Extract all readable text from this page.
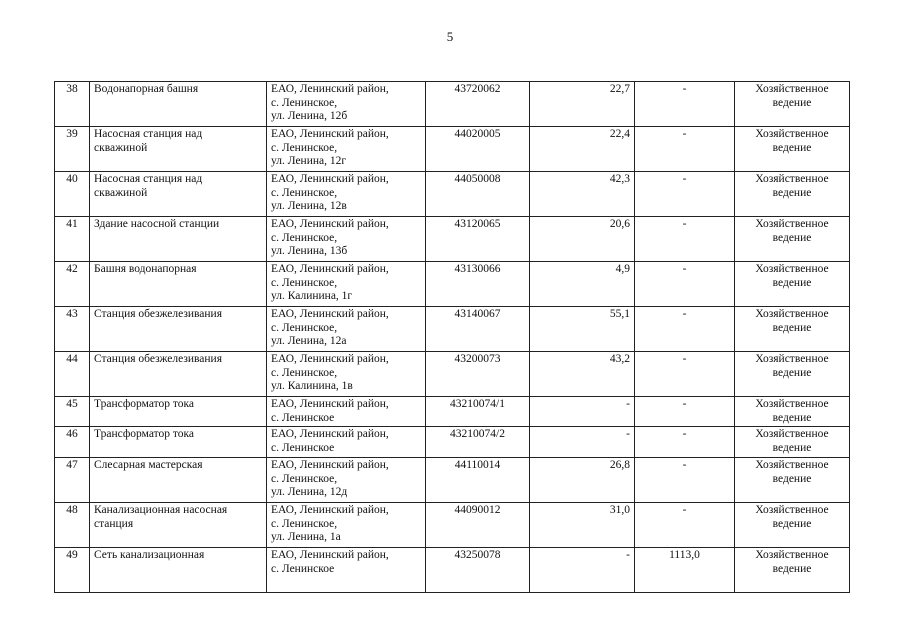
5
38	Водонапорная башня	ЕАО, Ленинский район,
с. Ленинское,
ул. Ленина, 12б	43720062	22,7	-	Хозяйственное
ведение

39	Насосная станция над
скважиной	ЕАО, Ленинский район,
с. Ленинское,
ул. Ленина, 12г	44020005	22,4	-	Хозяйственное
ведение

40	Насосная станция над
скважиной	ЕАО, Ленинский район,
с. Ленинское,
ул. Ленина, 12в	44050008	42,3	-	Хозяйственное
ведение

41	Здание насосной станции	ЕАО, Ленинский район,
с. Ленинское,
ул. Ленина, 13б	43120065	20,6	-	Хозяйственное
ведение

42	Башня водонапорная	ЕАО, Ленинский район,
с. Ленинское,
ул. Калинина, 1г	43130066	4,9	-	Хозяйственное
ведение

43	Станция обезжелезивания	ЕАО, Ленинский район,
с. Ленинское,
ул. Ленина, 12а	43140067	55,1	-	Хозяйственное
ведение

44	Станция обезжелезивания	ЕАО, Ленинский район,
с. Ленинское,
ул. Калинина, 1в	43200073	43,2	-	Хозяйственное
ведение

45	Трансформатор тока	ЕАО, Ленинский район,
с. Ленинское	43210074/1	-	-	Хозяйственное
ведение

46	Трансформатор тока	ЕАО, Ленинский район,
с. Ленинское	43210074/2	-	-	Хозяйственное
ведение

47	Слесарная мастерская	ЕАО, Ленинский район,
с. Ленинское,
ул. Ленина, 12д	44110014	26,8	-	Хозяйственное
ведение

48	Канализационная насосная
станция	ЕАО, Ленинский район,
с. Ленинское,
ул. Ленина, 1а	44090012	31,0	-	Хозяйственное
ведение

49	Сеть канализационная	ЕАО, Ленинский район,
с. Ленинское	43250078	-	1113,0	Хозяйственное
ведение
